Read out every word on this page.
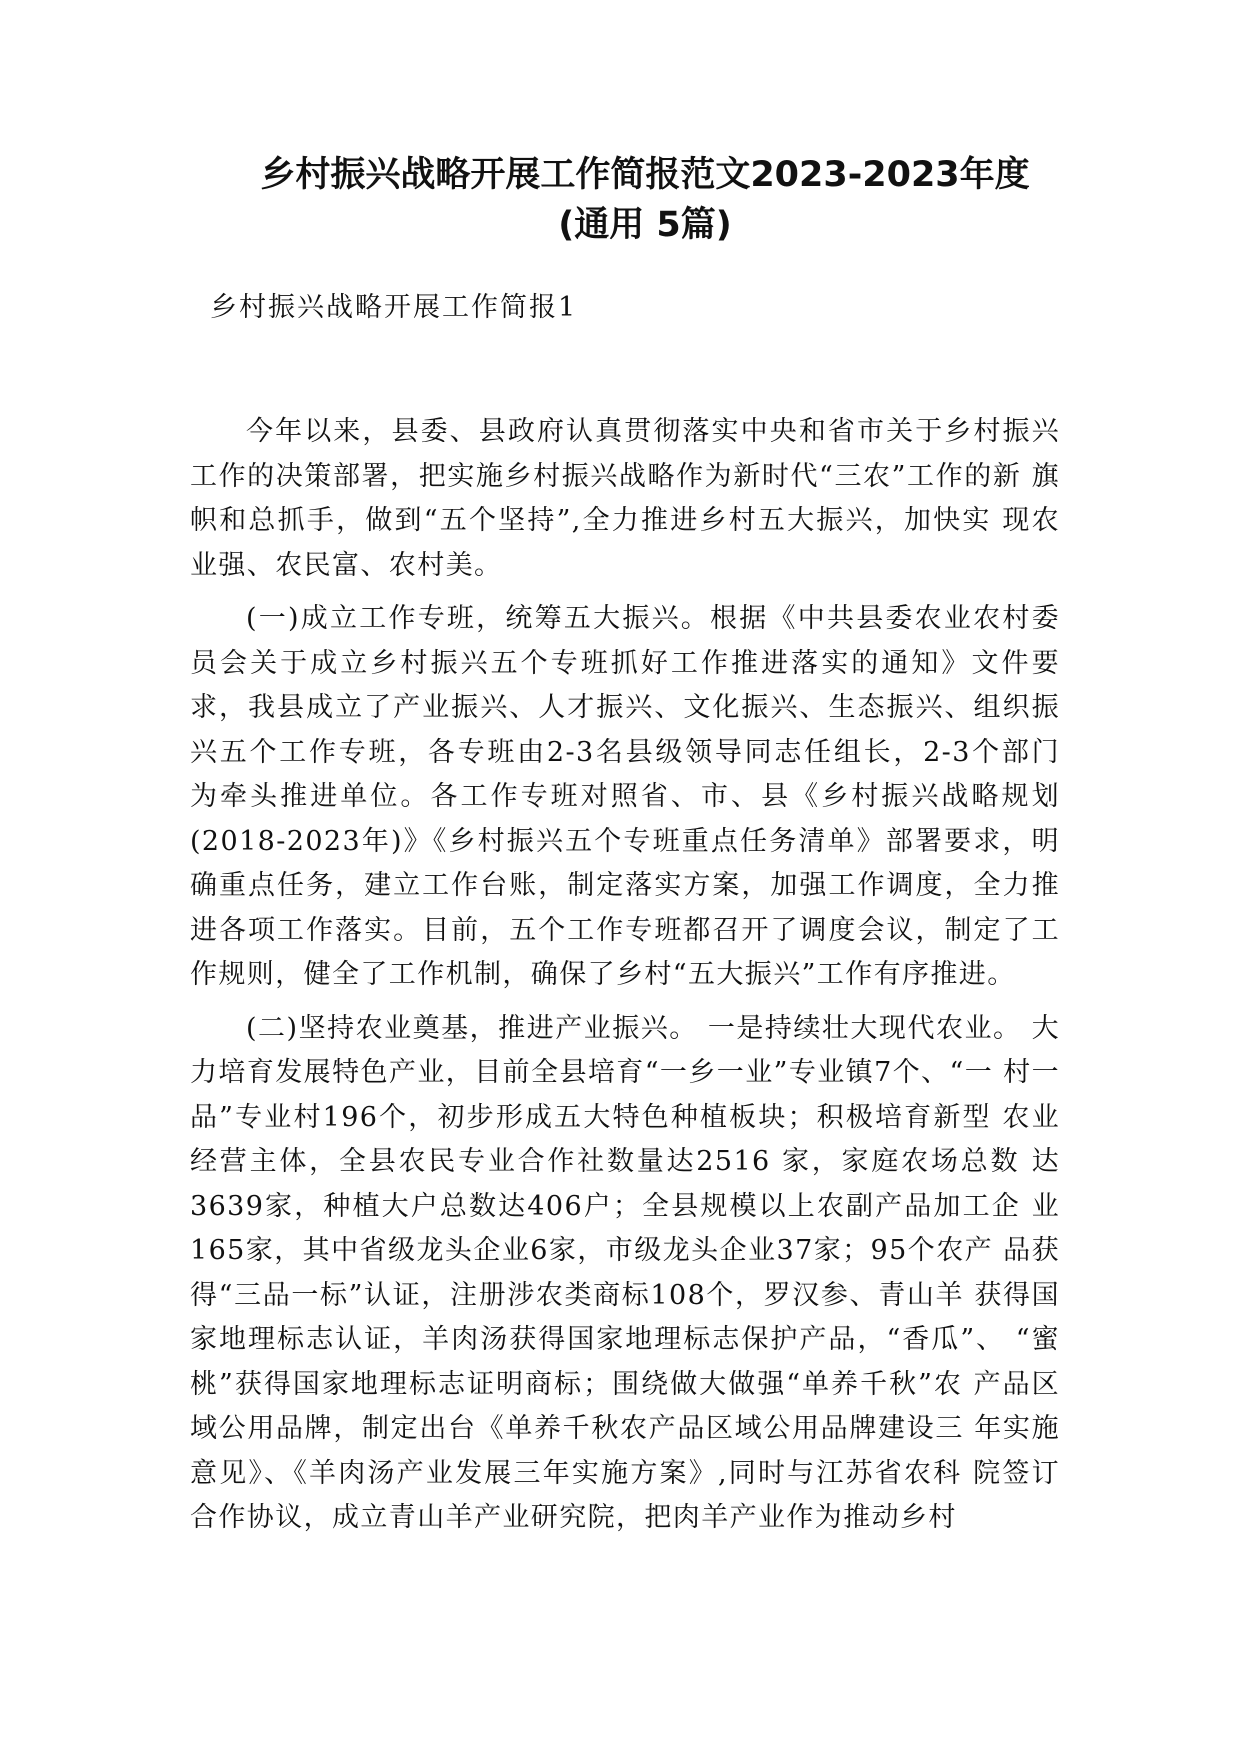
乡村振兴战略开展工作简报范文2023-2023年度(通用 5篇)

乡村振兴战略开展工作简报1

今年以来，县委、县政府认真贯彻落实中央和省市关于乡村振兴 工作的决策部署，把实施乡村振兴战略作为新时代“三农”工作的新 旗帜和总抓手，做到“五个坚持”,全力推进乡村五大振兴，加快实 现农业强、农民富、农村美。

(一)成立工作专班，统筹五大振兴。根据《中共县委农业农村委员会关于成立乡村振兴五个专班抓好工作推进落实的通知》文件要求，我县成立了产业振兴、人才振兴、文化振兴、生态振兴、组织振兴五个工作专班，各专班由2-3名县级领导同志任组长，2-3个部门 为牵头推进单位。各工作专班对照省、市、县《乡村振兴战略规划 (2018-2023年)》《乡村振兴五个专班重点任务清单》部署要求，明 确重点任务，建立工作台账，制定落实方案，加强工作调度，全力推 进各项工作落实。目前，五个工作专班都召开了调度会议，制定了工 作规则，健全了工作机制，确保了乡村“五大振兴”工作有序推进。

(二)坚持农业奠基，推进产业振兴。 一是持续壮大现代农业。 大力培育发展特色产业，目前全县培育“一乡一业”专业镇7个、“一 村一品”专业村196个，初步形成五大特色种植板块；积极培育新型 农业经营主体，全县农民专业合作社数量达2516 家，家庭农场总数 达3639家，种植大户总数达406户；全县规模以上农副产品加工企 业165家，其中省级龙头企业6家，市级龙头企业37家；95个农产 品获得“三品一标”认证，注册涉农类商标108个，罗汉参、青山羊 获得国家地理标志认证，羊肉汤获得国家地理标志保护产品，“香瓜”、 “蜜桃”获得国家地理标志证明商标；围绕做大做强“单养千秋”农 产品区域公用品牌，制定出台《单养千秋农产品区域公用品牌建设三 年实施意见》、《羊肉汤产业发展三年实施方案》,同时与江苏省农科 院签订合作协议，成立青山羊产业研究院，把肉羊产业作为推动乡村
